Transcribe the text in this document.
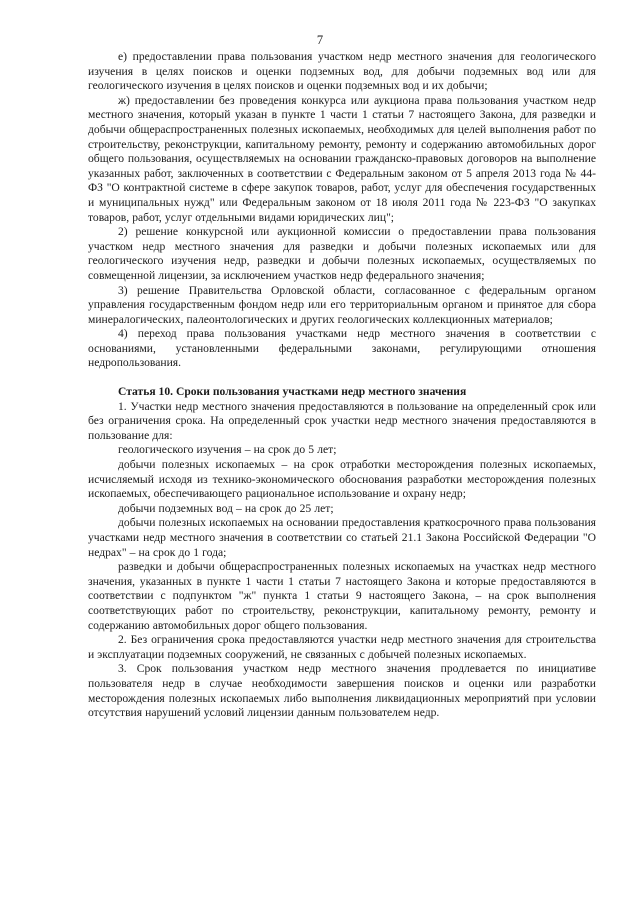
7

е) предоставлении права пользования участком недр местного значения для геологического изучения в целях поисков и оценки подземных вод, для добычи подземных вод или для геологического изучения в целях поисков и оценки подземных вод и их добычи;

ж) предоставлении без проведения конкурса или аукциона права пользования участком недр местного значения, который указан в пункте 1 части 1 статьи 7 настоящего Закона, для разведки и добычи общераспространенных полезных ископаемых, необходимых для целей выполнения работ по строительству, реконструкции, капитальному ремонту, ремонту и содержанию автомобильных дорог общего пользования, осуществляемых на основании гражданско-правовых договоров на выполнение указанных работ, заключенных в соответствии с Федеральным законом от 5 апреля 2013 года № 44-ФЗ "О контрактной системе в сфере закупок товаров, работ, услуг для обеспечения государственных и муниципальных нужд" или Федеральным законом от 18 июля 2011 года № 223-ФЗ "О закупках товаров, работ, услуг отдельными видами юридических лиц";

2) решение конкурсной или аукционной комиссии о предоставлении права пользования участком недр местного значения для разведки и добычи полезных ископаемых или для геологического изучения недр, разведки и добычи полезных ископаемых, осуществляемых по совмещенной лицензии, за исключением участков недр федерального значения;

3) решение Правительства Орловской области, согласованное с федеральным органом управления государственным фондом недр или его территориальным органом и принятое для сбора минералогических, палеонтологических и других геологических коллекционных материалов;

4) переход права пользования участками недр местного значения в соответствии с основаниями, установленными федеральными законами, регулирующими отношения недропользования.

Статья 10. Сроки пользования участками недр местного значения

1. Участки недр местного значения предоставляются в пользование на определенный срок или без ограничения срока. На определенный срок участки недр местного значения предоставляются в пользование для:

геологического изучения – на срок до 5 лет;

добычи полезных ископаемых – на срок отработки месторождения полезных ископаемых, исчисляемый исходя из технико-экономического обоснования разработки месторождения полезных ископаемых, обеспечивающего рациональное использование и охрану недр;

добычи подземных вод – на срок до 25 лет;

добычи полезных ископаемых на основании предоставления краткосрочного права пользования участками недр местного значения в соответствии со статьей 21.1 Закона Российской Федерации "О недрах" – на срок до 1 года;

разведки и добычи общераспространенных полезных ископаемых на участках недр местного значения, указанных в пункте 1 части 1 статьи 7 настоящего Закона и которые предоставляются в соответствии с подпунктом "ж" пункта 1 статьи 9 настоящего Закона, – на срок выполнения соответствующих работ по строительству, реконструкции, капитальному ремонту, ремонту и содержанию автомобильных дорог общего пользования.

2. Без ограничения срока предоставляются участки недр местного значения для строительства и эксплуатации подземных сооружений, не связанных с добычей полезных ископаемых.

3. Срок пользования участком недр местного значения продлевается по инициативе пользователя недр в случае необходимости завершения поисков и оценки или разработки месторождения полезных ископаемых либо выполнения ликвидационных мероприятий при условии отсутствия нарушений условий лицензии данным пользователем недр.
